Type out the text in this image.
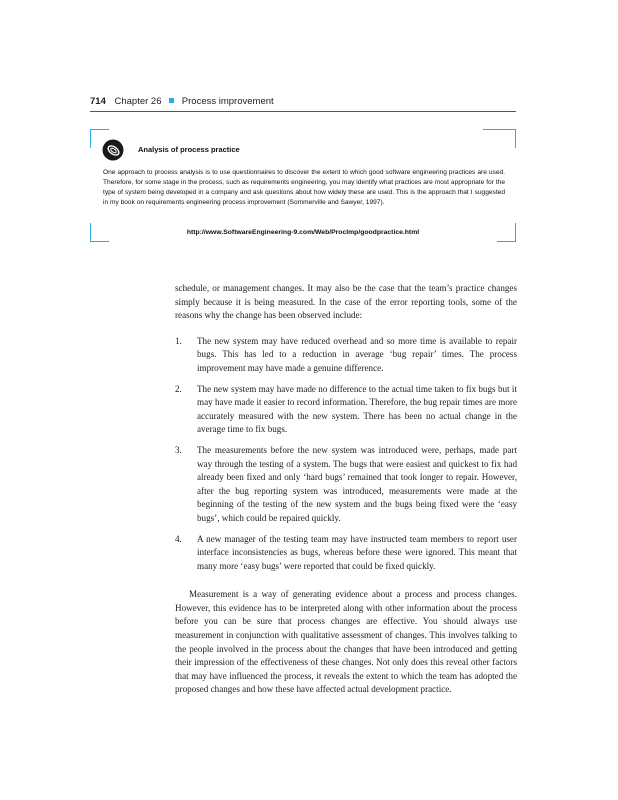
714 Chapter 26 Process improvement
Analysis of process practice

One approach to process analysis is to use questionnaires to discover the extent to which good software engineering practices are used. Therefore, for some stage in the process, such as requirements engineering, you may identify what practices are most appropriate for the type of system being developed in a company and ask questions about how widely these are used. This is the approach that I suggested in my book on requirements engineering process improvement (Sommerville and Sawyer, 1997).

http://www.SoftwareEngineering-9.com/Web/ProcImp/goodpractice.html

schedule, or management changes. It may also be the case that the team’s practice changes simply because it is being measured. In the case of the error reporting tools, some of the reasons why the change has been observed include:

1. The new system may have reduced overhead and so more time is available to repair bugs. This has led to a reduction in average ‘bug repair’ times. The process improvement may have made a genuine difference.
2. The new system may have made no difference to the actual time taken to fix bugs but it may have made it easier to record information. Therefore, the bug repair times are more accurately measured with the new system. There has been no actual change in the average time to fix bugs.
3. The measurements before the new system was introduced were, perhaps, made part way through the testing of a system. The bugs that were easiest and quickest to fix had already been fixed and only ‘hard bugs’ remained that took longer to repair. However, after the bug reporting system was introduced, measurements were made at the beginning of the testing of the new system and the bugs being fixed were the ‘easy bugs’, which could be repaired quickly.
4. A new manager of the testing team may have instructed team members to report user interface inconsistencies as bugs, whereas before these were ignored. This meant that many more ‘easy bugs’ were reported that could be fixed quickly.

Measurement is a way of generating evidence about a process and process changes. However, this evidence has to be interpreted along with other information about the process before you can be sure that process changes are effective. You should always use measurement in conjunction with qualitative assessment of changes. This involves talking to the people involved in the process about the changes that have been introduced and getting their impression of the effectiveness of these changes. Not only does this reveal other factors that may have influenced the process, it reveals the extent to which the team has adopted the proposed changes and how these have affected actual development practice.
